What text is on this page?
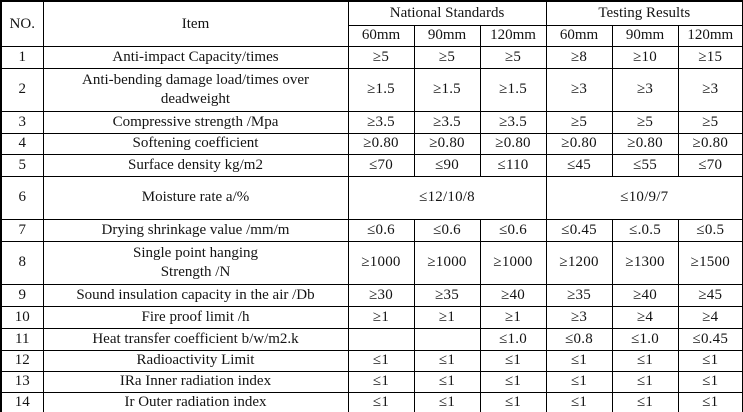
NO.	Item	National Standards			Testing Results		
		60mm	90mm	120mm	60mm	90mm	120mm
1	Anti-impact Capacity/times	≥5	≥5	≥5	≥8	≥10	≥15
2	Anti-bending damage load/times over
deadweight	≥1.5	≥1.5	≥1.5	≥3	≥3	≥3
3	Compressive strength /Mpa	≥3.5	≥3.5	≥3.5	≥5	≥5	≥5
4	Softening coefficient	≥0.80	≥0.80	≥0.80	≥0.80	≥0.80	≥0.80
5	Surface density kg/m2	≤70	≤90	≤110	≤45	≤55	≤70
6	Moisture rate a/%	≤12/10/8			≤10/9/7		
7	Drying shrinkage value /mm/m	≤0.6	≤0.6	≤0.6	≤0.45	≤.0.5	≤0.5
8	Single point hanging
Strength /N	≥1000	≥1000	≥1000	≥1200	≥1300	≥1500
9	Sound insulation capacity in the air /Db	≥30	≥35	≥40	≥35	≥40	≥45
10	Fire proof limit /h	≥1	≥1	≥1	≥3	≥4	≥4
11	Heat transfer coefficient b/w/m2.k			≤1.0	≤0.8	≤1.0	≤0.45
12	Radioactivity Limit	≤1	≤1	≤1	≤1	≤1	≤1
13	IRa Inner radiation index	≤1	≤1	≤1	≤1	≤1	≤1
14	Ir Outer radiation index	≤1	≤1	≤1	≤1	≤1	≤1
